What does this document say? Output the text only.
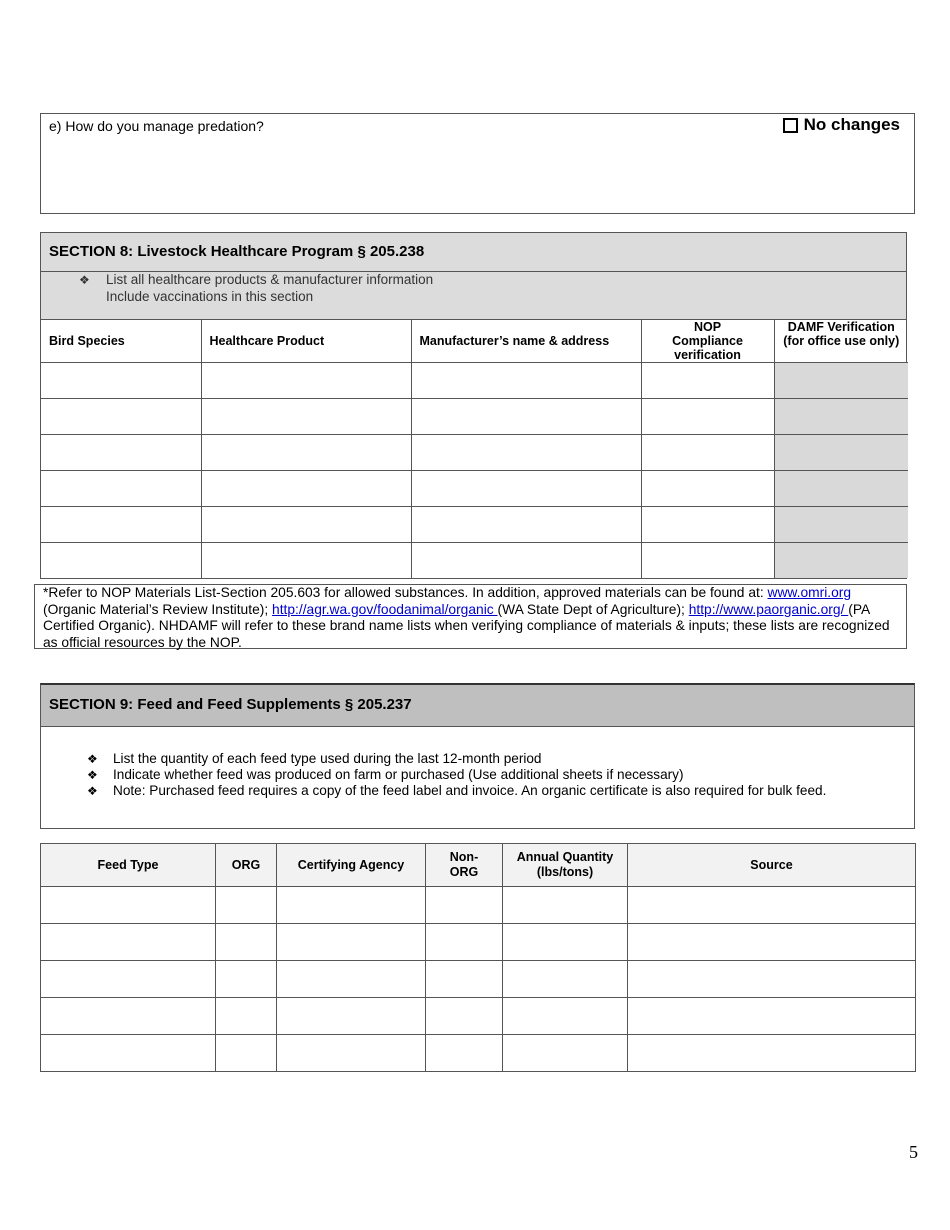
e) How do you manage predation?	No changes
SECTION 8: Livestock Healthcare Program § 205.238
❖ List all healthcare products & manufacturer information
Include vaccinations in this section
Bird Species	Healthcare Product	Manufacturer’s name & address	NOP Compliance verification	DAMF Verification (for office use only)

*Refer to NOP Materials List-Section 205.603 for allowed substances. In addition, approved materials can be found at: www.omri.org (Organic Material’s Review Institute); http://agr.wa.gov/foodanimal/organic (WA State Dept of Agriculture); http://www.paorganic.org/ (PA Certified Organic). NHDAMF will refer to these brand name lists when verifying compliance of materials & inputs; these lists are recognized as official resources by the NOP.
SECTION 9: Feed and Feed Supplements § 205.237
❖ List the quantity of each feed type used during the last 12-month period
❖ Indicate whether feed was produced on farm or purchased (Use additional sheets if necessary)
❖ Note: Purchased feed requires a copy of the feed label and invoice. An organic certificate is also required for bulk feed.
Feed Type	ORG	Certifying Agency	Non-ORG	Annual Quantity (lbs/tons)	Source

5
